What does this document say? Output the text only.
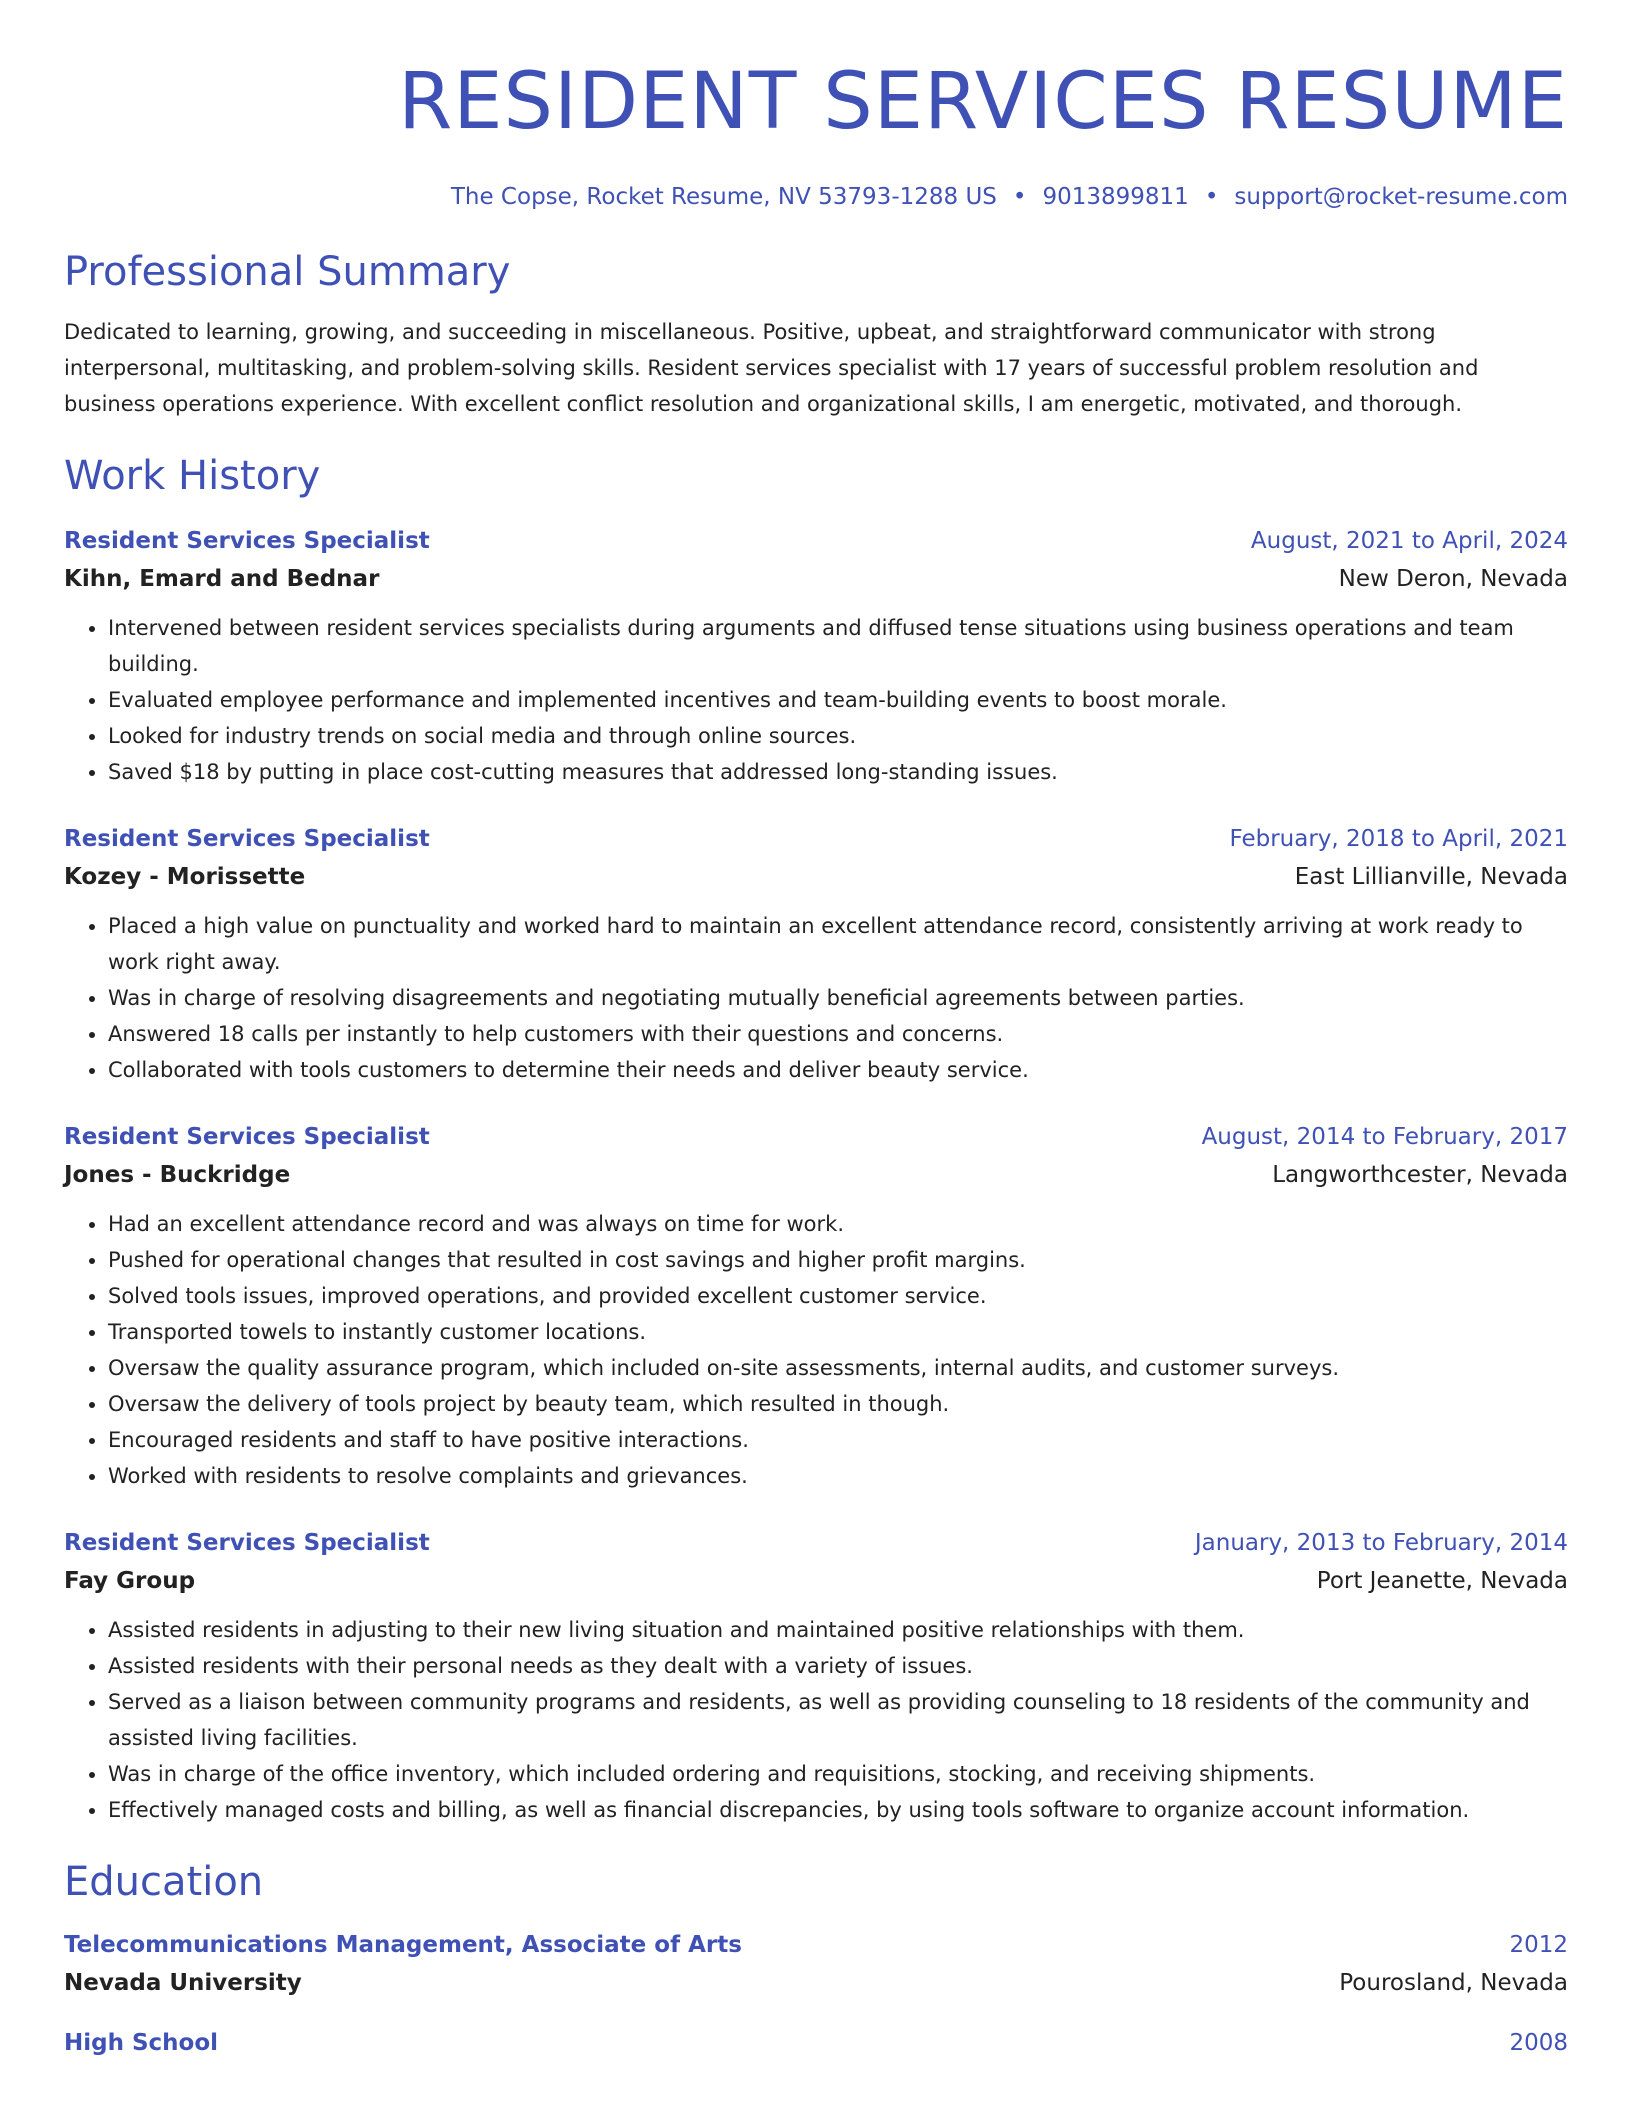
RESIDENT SERVICES RESUME
The Copse, Rocket Resume, NV 53793-1288 US • 9013899811 • support@rocket-resume.com
Professional Summary
Dedicated to learning, growing, and succeeding in miscellaneous. Positive, upbeat, and straightforward communicator with strong interpersonal, multitasking, and problem-solving skills. Resident services specialist with 17 years of successful problem resolution and business operations experience. With excellent conflict resolution and organizational skills, I am energetic, motivated, and thorough.
Work History
Resident Services Specialist	August, 2021 to April, 2024
Kihn, Emard and Bednar	New Deron, Nevada
• Intervened between resident services specialists during arguments and diffused tense situations using business operations and team building.
• Evaluated employee performance and implemented incentives and team-building events to boost morale.
• Looked for industry trends on social media and through online sources.
• Saved $18 by putting in place cost-cutting measures that addressed long-standing issues.
Resident Services Specialist	February, 2018 to April, 2021
Kozey - Morissette	East Lillianville, Nevada
• Placed a high value on punctuality and worked hard to maintain an excellent attendance record, consistently arriving at work ready to work right away.
• Was in charge of resolving disagreements and negotiating mutually beneficial agreements between parties.
• Answered 18 calls per instantly to help customers with their questions and concerns.
• Collaborated with tools customers to determine their needs and deliver beauty service.
Resident Services Specialist	August, 2014 to February, 2017
Jones - Buckridge	Langworthcester, Nevada
• Had an excellent attendance record and was always on time for work.
• Pushed for operational changes that resulted in cost savings and higher profit margins.
• Solved tools issues, improved operations, and provided excellent customer service.
• Transported towels to instantly customer locations.
• Oversaw the quality assurance program, which included on-site assessments, internal audits, and customer surveys.
• Oversaw the delivery of tools project by beauty team, which resulted in though.
• Encouraged residents and staff to have positive interactions.
• Worked with residents to resolve complaints and grievances.
Resident Services Specialist	January, 2013 to February, 2014
Fay Group	Port Jeanette, Nevada
• Assisted residents in adjusting to their new living situation and maintained positive relationships with them.
• Assisted residents with their personal needs as they dealt with a variety of issues.
• Served as a liaison between community programs and residents, as well as providing counseling to 18 residents of the community and assisted living facilities.
• Was in charge of the office inventory, which included ordering and requisitions, stocking, and receiving shipments.
• Effectively managed costs and billing, as well as financial discrepancies, by using tools software to organize account information.
Education
Telecommunications Management, Associate of Arts	2012
Nevada University	Pourosland, Nevada
High School	2008
